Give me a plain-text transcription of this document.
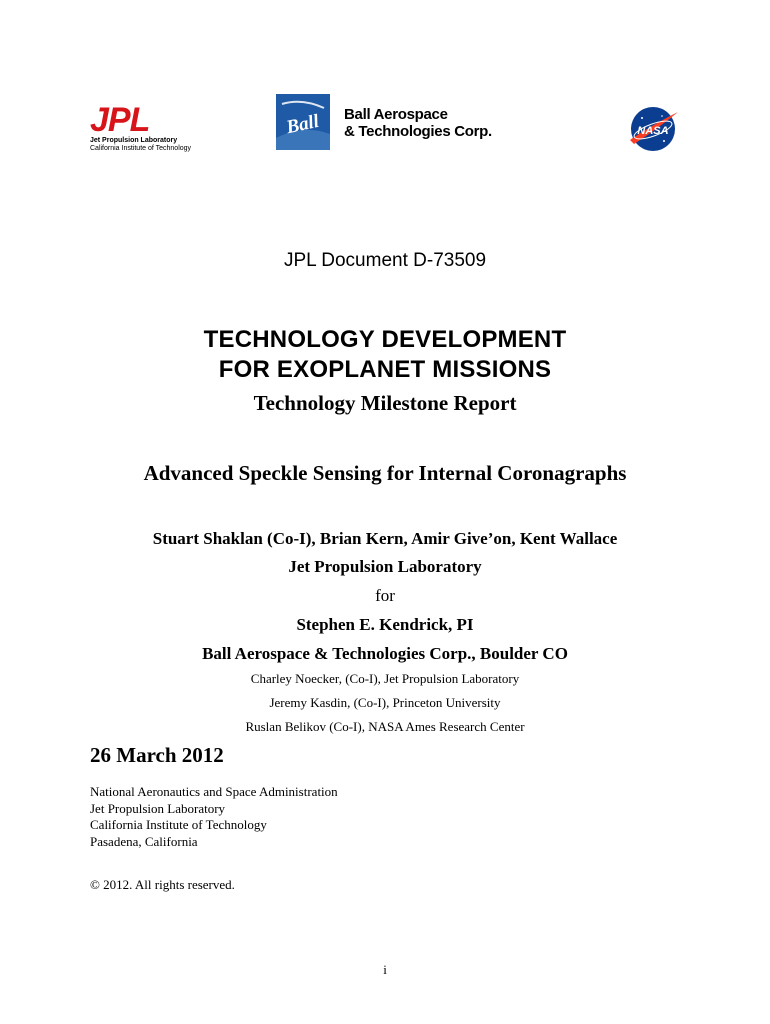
JPL
Jet Propulsion Laboratory
California Institute of Technology
Ball Ball Aerospace
& Technologies Corp.	NASA
JPL Document D-73509
TECHNOLOGY DEVELOPMENT
FOR EXOPLANET MISSIONS
Technology Milestone Report
Advanced Speckle Sensing for Internal Coronagraphs
Stuart Shaklan (Co-I), Brian Kern, Amir Give’on, Kent Wallace
Jet Propulsion Laboratory
for
Stephen E. Kendrick, PI
Ball Aerospace & Technologies Corp., Boulder CO
Charley Noecker, (Co-I), Jet Propulsion Laboratory
Jeremy Kasdin, (Co-I), Princeton University
Ruslan Belikov (Co-I), NASA Ames Research Center
26 March 2012
National Aeronautics and Space Administration
Jet Propulsion Laboratory
California Institute of Technology
Pasadena, California
© 2012. All rights reserved.
i
